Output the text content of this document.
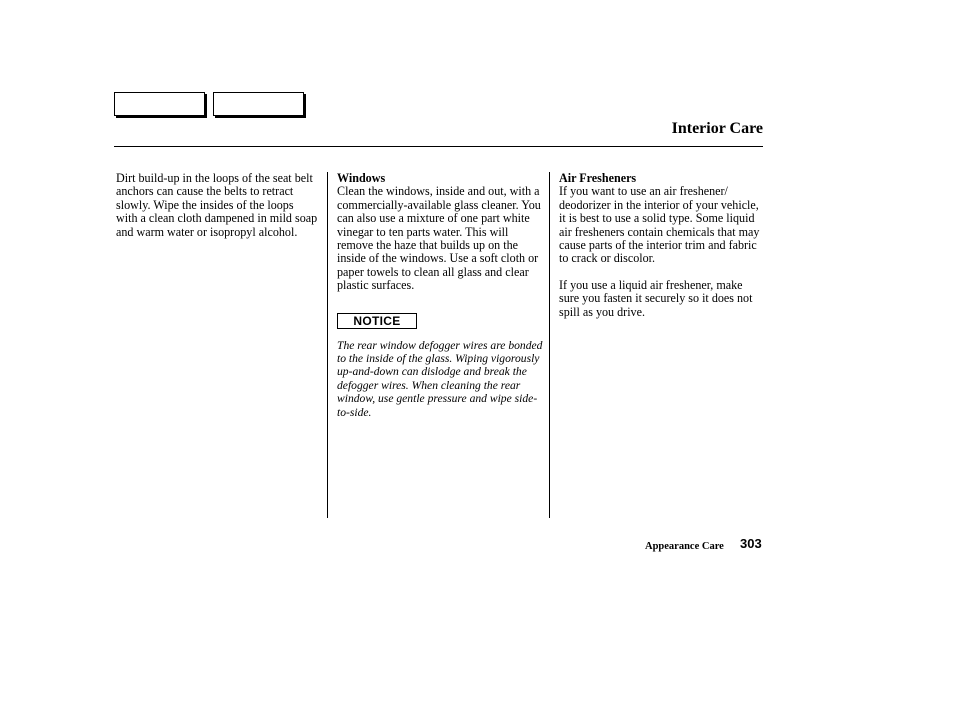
Interior Care

Dirt build-up in the loops of the seat belt anchors can cause the belts to retract slowly. Wipe the insides of the loops with a clean cloth dampened in mild soap and warm water or isopropyl alcohol.

Windows

Clean the windows, inside and out, with a commercially-available glass cleaner. You can also use a mixture of one part white vinegar to ten parts water. This will remove the haze that builds up on the inside of the windows. Use a soft cloth or paper towels to clean all glass and clear plastic surfaces.

NOTICE

The rear window defogger wires are bonded to the inside of the glass. Wiping vigorously up-and-down can dislodge and break the defogger wires. When cleaning the rear window, use gentle pressure and wipe side-to-side.

Air Fresheners

If you want to use an air freshener/ deodorizer in the interior of your vehicle, it is best to use a solid type. Some liquid air fresheners contain chemicals that may cause parts of the interior trim and fabric to crack or discolor.

If you use a liquid air freshener, make sure you fasten it securely so it does not spill as you drive.

Appearance Care 303
